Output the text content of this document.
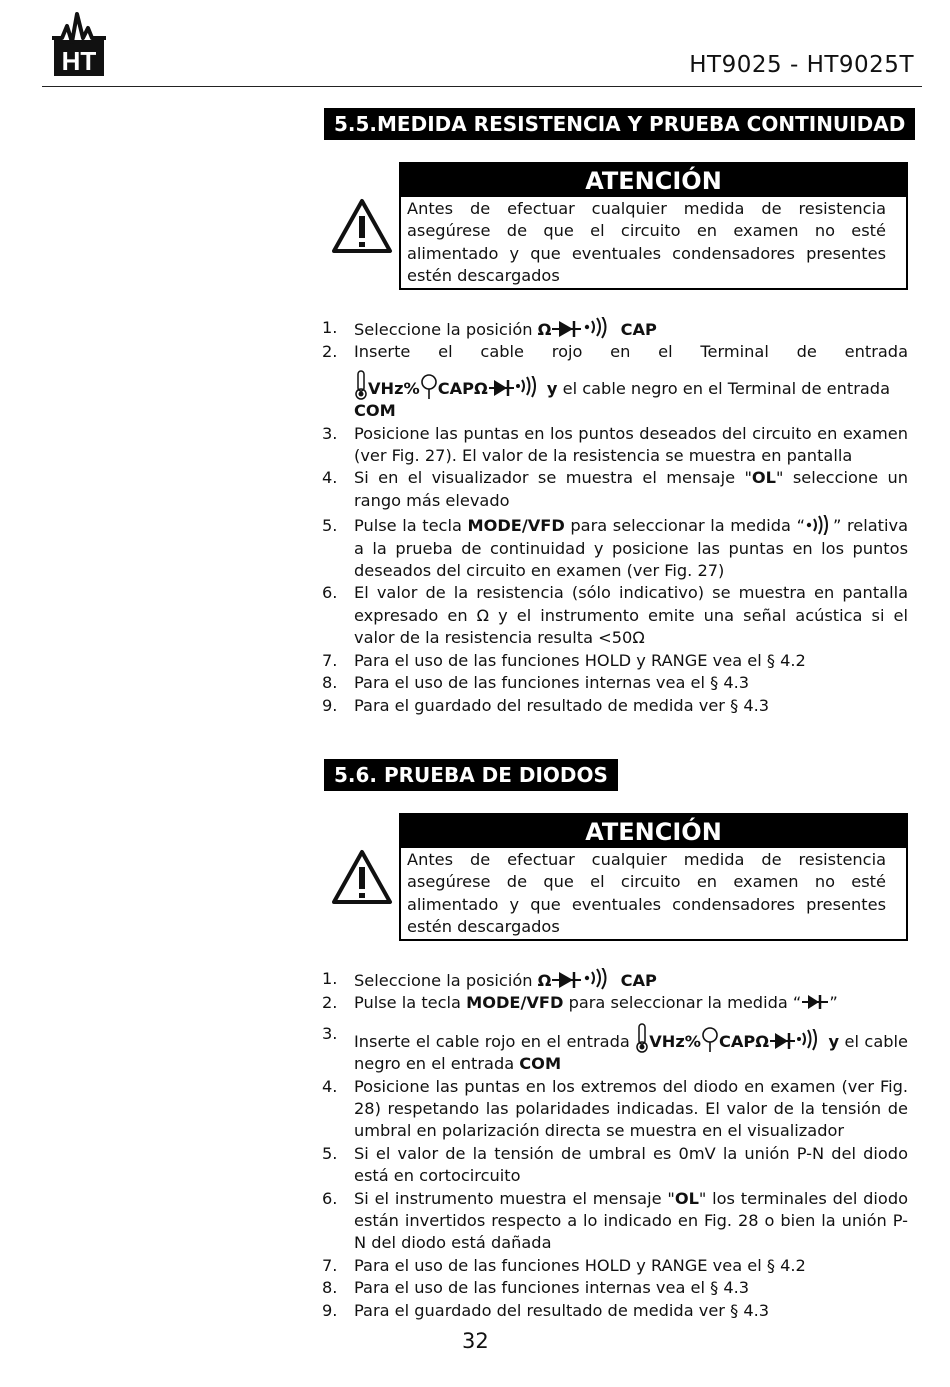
HT	HT9025 - HT9025T
5.5.MEDIDA RESISTENCIA Y PRUEBA CONTINUIDAD
ATENCIÓN
Antes de efectuar cualquier medida de resistencia asegúrese de que el circuito en examen no esté alimentado y que eventuales condensadores presentes estén descargados
1. Seleccione la posición Ω	CAP
2. Inserte el cable rojo en el Terminal de entrada
VHz% CAPΩ	y el cable negro en el Terminal de entrada
COM
3. Posicione las puntas en los puntos deseados del circuito en examen (ver Fig. 27). El valor de la resistencia se muestra en pantalla
4. Si en el visualizador se muestra el mensaje "OL" seleccione un rango más elevado
5. Pulse la tecla MODE/VFD para seleccionar la medida “ ” relativa a la prueba de continuidad y posicione las puntas en los puntos deseados del circuito en examen (ver Fig. 27)
6. El valor de la resistencia (sólo indicativo) se muestra en pantalla expresado en Ω y el instrumento emite una señal acústica si el valor de la resistencia resulta <50Ω
7. Para el uso de las funciones HOLD y RANGE vea el § 4.2
8. Para el uso de las funciones internas vea el § 4.3
9. Para el guardado del resultado de medida ver § 4.3
5.6. PRUEBA DE DIODOS
ATENCIÓN
Antes de efectuar cualquier medida de resistencia asegúrese de que el circuito en examen no esté alimentado y que eventuales condensadores presentes estén descargados
1. Seleccione la posición Ω	CAP
2. Pulse la tecla MODE/VFD para seleccionar la medida “ ”
3. Inserte el cable rojo en el entrada VHz% CAPΩ	y el cable negro en el entrada COM
4. Posicione las puntas en los extremos del diodo en examen (ver Fig. 28) respetando las polaridades indicadas. El valor de la tensión de umbral en polarización directa se muestra en el visualizador
5. Si el valor de la tensión de umbral es 0mV la unión P-N del diodo está en cortocircuito
6. Si el instrumento muestra el mensaje "OL" los terminales del diodo están invertidos respecto a lo indicado en Fig. 28 o bien la unión P-N del diodo está dañada
7. Para el uso de las funciones HOLD y RANGE vea el § 4.2
8. Para el uso de las funciones internas vea el § 4.3
9. Para el guardado del resultado de medida ver § 4.3
32
